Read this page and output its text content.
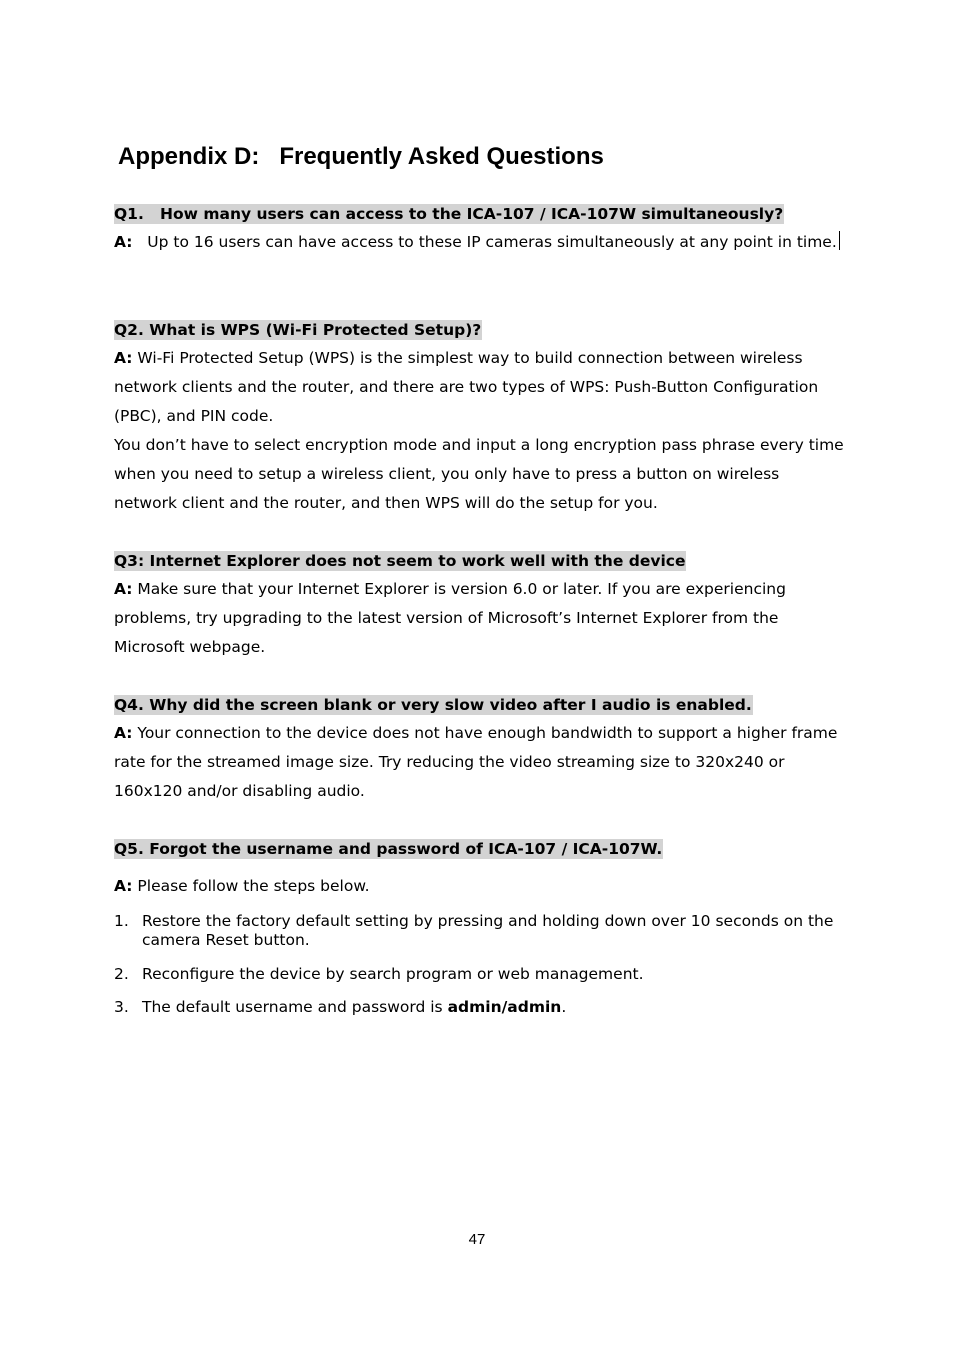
Appendix D:   Frequently Asked Questions
Q1.   How many users can access to the ICA-107 / ICA-107W simultaneously?

A:   Up to 16 users can have access to these IP cameras simultaneously at any point in time.

Q2. What is WPS (Wi-Fi Protected Setup)?

A: Wi-Fi Protected Setup (WPS) is the simplest way to build connection between wireless network clients and the router, and there are two types of WPS: Push-Button Configuration (PBC), and PIN code.
You don’t have to select encryption mode and input a long encryption pass phrase every time when you need to setup a wireless client, you only have to press a button on wireless network client and the router, and then WPS will do the setup for you.

Q3: Internet Explorer does not seem to work well with the device

A: Make sure that your Internet Explorer is version 6.0 or later. If you are experiencing problems, try upgrading to the latest version of Microsoft’s Internet Explorer from the Microsoft webpage.

Q4. Why did the screen blank or very slow video after I audio is enabled.

A: Your connection to the device does not have enough bandwidth to support a higher frame rate for the streamed image size. Try reducing the video streaming size to 320x240 or 160x120 and/or disabling audio.

Q5. Forgot the username and password of ICA-107 / ICA-107W.

A: Please follow the steps below.

1. Restore the factory default setting by pressing and holding down over 10 seconds on the camera Reset button.
2. Reconfigure the device by search program or web management.
3. The default username and password is admin/admin.
47
